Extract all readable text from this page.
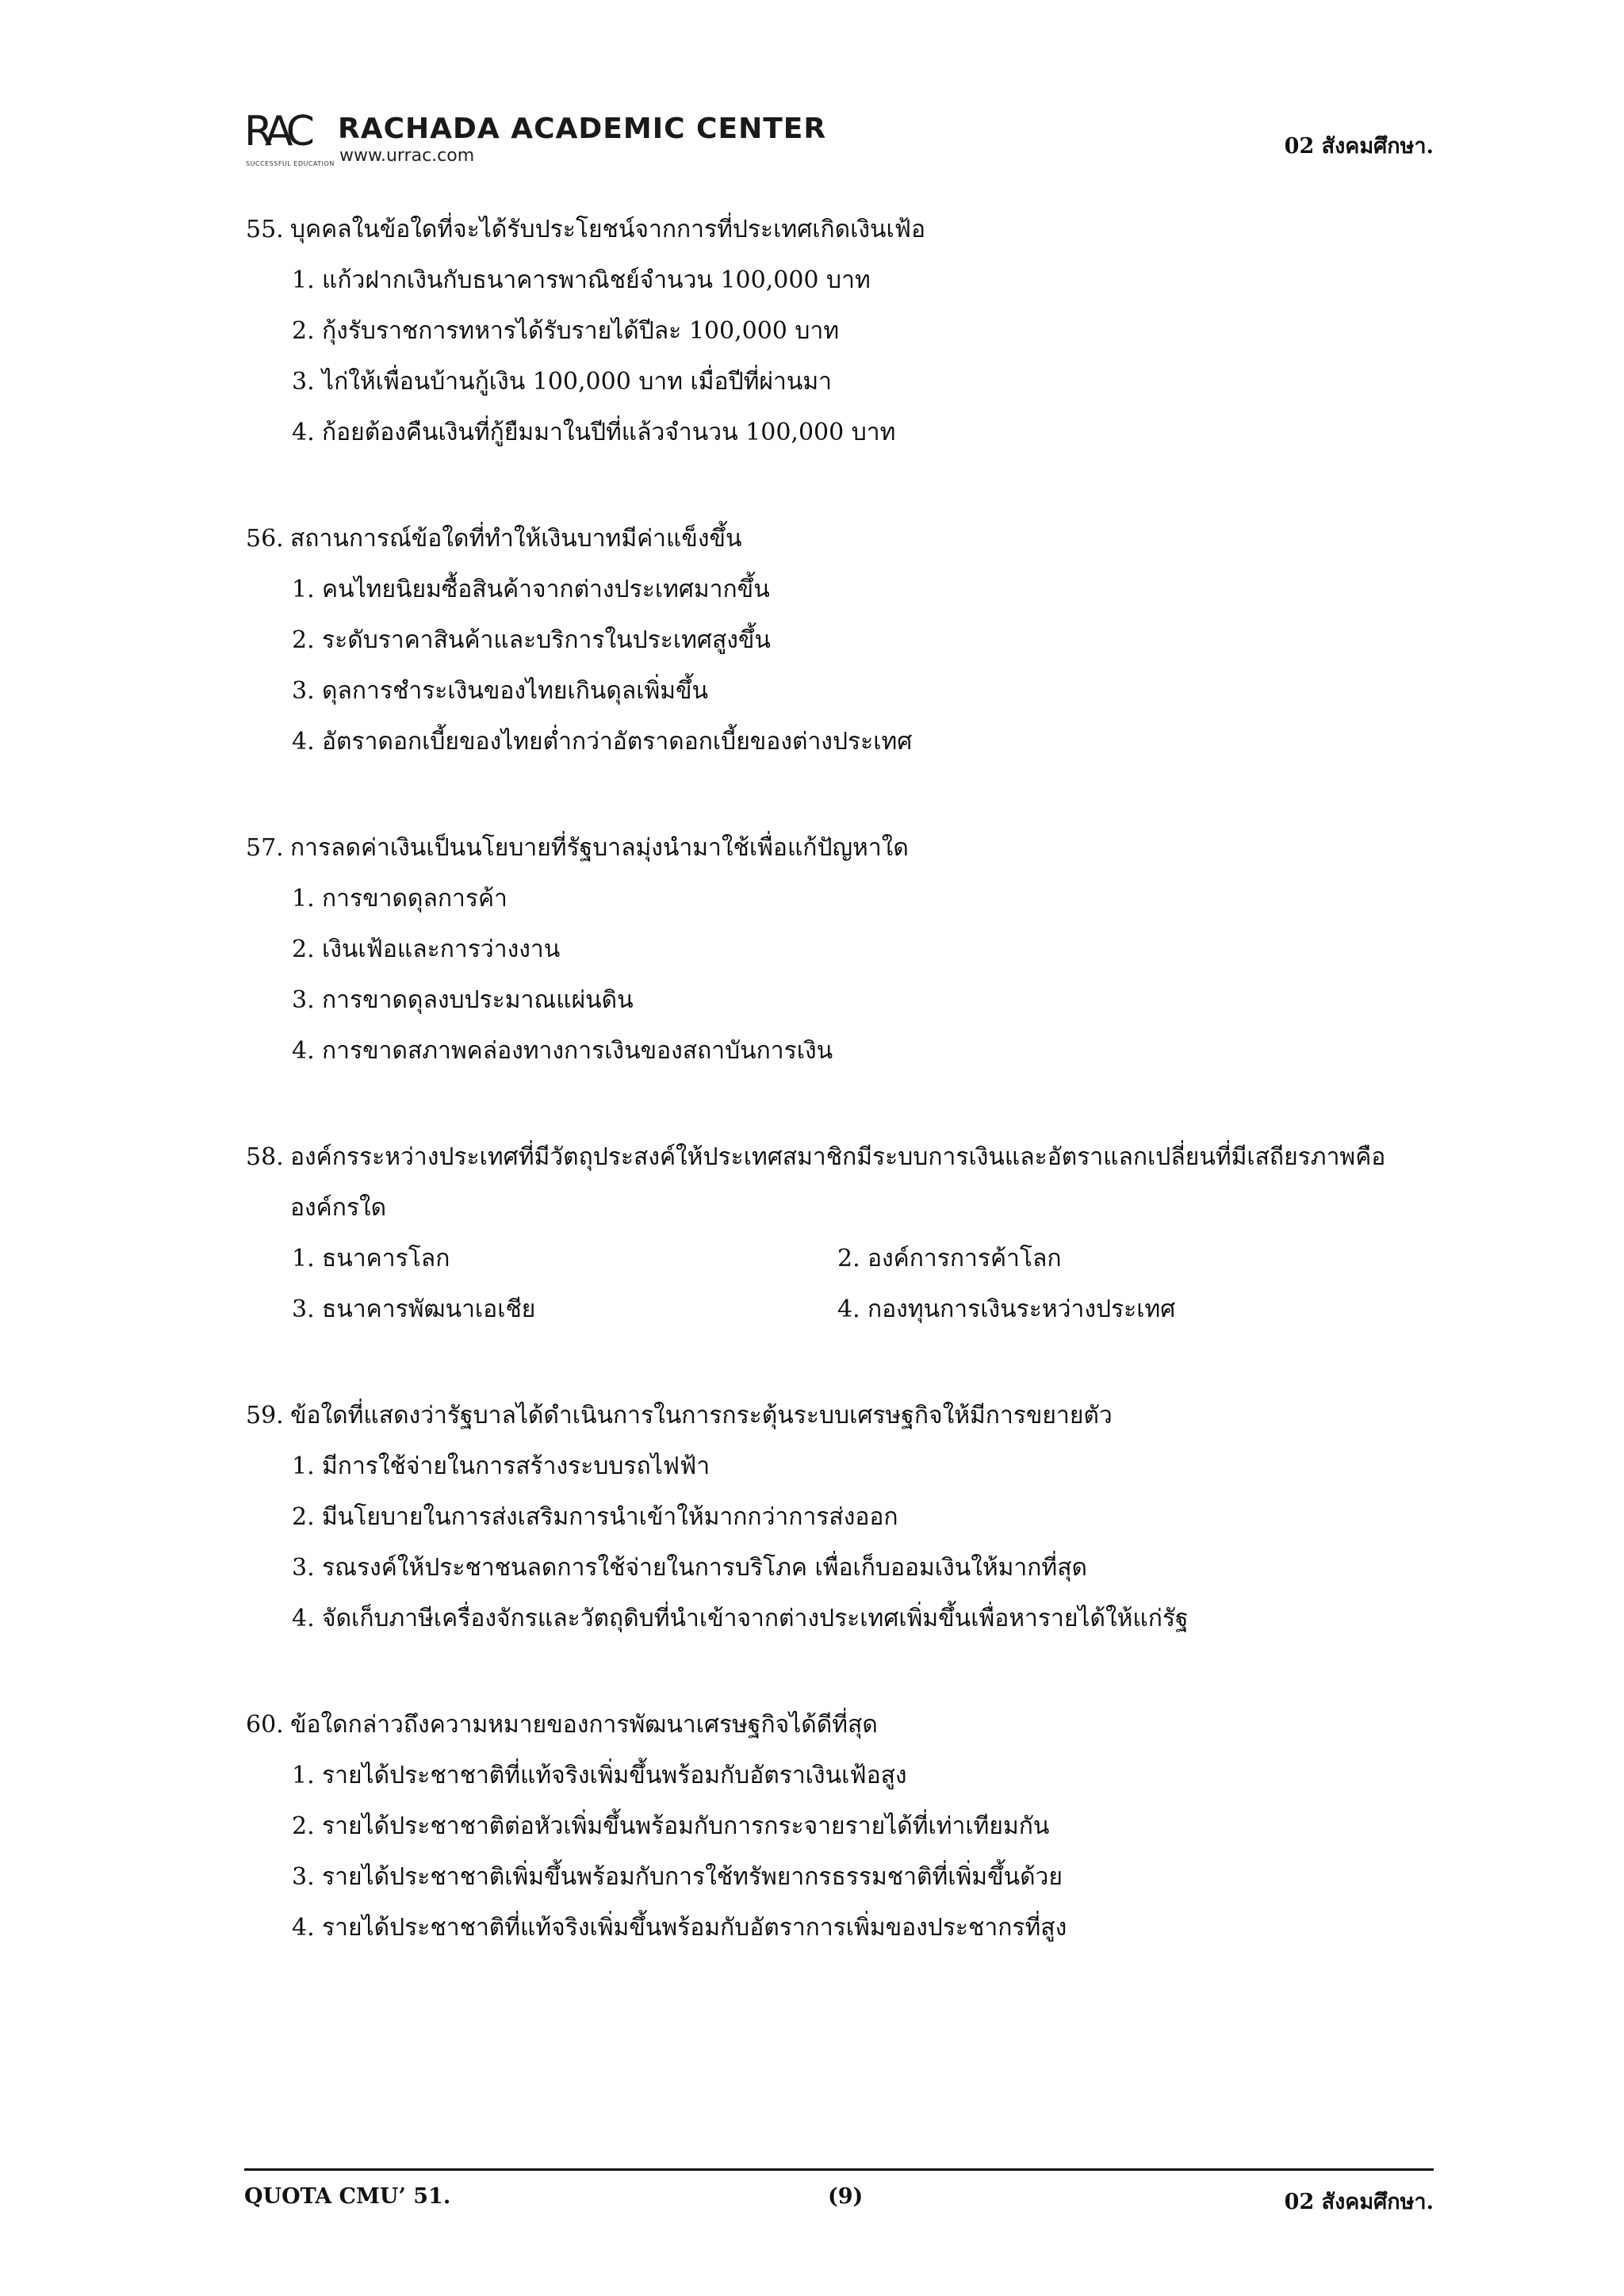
RAC
SUCCESSFUL EDUCATION
RACHADA ACADEMIC CENTER
www.urrac.com	02 สังคมศึกษา.
55. บุคคลในข้อใดที่จะได้รับประโยชน์จากการที่ประเทศเกิดเงินเฟ้อ
1. แก้วฝากเงินกับธนาคารพาณิชย์จำนวน 100,000 บาท
2. กุ้งรับราชการทหารได้รับรายได้ปีละ 100,000 บาท
3. ไก่ให้เพื่อนบ้านกู้เงิน 100,000 บาท เมื่อปีที่ผ่านมา
4. ก้อยต้องคืนเงินที่กู้ยืมมาในปีที่แล้วจำนวน 100,000 บาท
56. สถานการณ์ข้อใดที่ทำให้เงินบาทมีค่าแข็งขึ้น
1. คนไทยนิยมซื้อสินค้าจากต่างประเทศมากขึ้น
2. ระดับราคาสินค้าและบริการในประเทศสูงขึ้น
3. ดุลการชำระเงินของไทยเกินดุลเพิ่มขึ้น
4. อัตราดอกเบี้ยของไทยต่ำกว่าอัตราดอกเบี้ยของต่างประเทศ
57. การลดค่าเงินเป็นนโยบายที่รัฐบาลมุ่งนำมาใช้เพื่อแก้ปัญหาใด
1. การขาดดุลการค้า
2. เงินเฟ้อและการว่างงาน
3. การขาดดุลงบประมาณแผ่นดิน
4. การขาดสภาพคล่องทางการเงินของสถาบันการเงิน
58. องค์กรระหว่างประเทศที่มีวัตถุประสงค์ให้ประเทศสมาชิกมีระบบการเงินและอัตราแลกเปลี่ยนที่มีเสถียรภาพคือองค์กรใด
1. ธนาคารโลก	2. องค์การการค้าโลก
3. ธนาคารพัฒนาเอเชีย	4. กองทุนการเงินระหว่างประเทศ
59. ข้อใดที่แสดงว่ารัฐบาลได้ดำเนินการในการกระตุ้นระบบเศรษฐกิจให้มีการขยายตัว
1. มีการใช้จ่ายในการสร้างระบบรถไฟฟ้า
2. มีนโยบายในการส่งเสริมการนำเข้าให้มากกว่าการส่งออก
3. รณรงค์ให้ประชาชนลดการใช้จ่ายในการบริโภค เพื่อเก็บออมเงินให้มากที่สุด
4. จัดเก็บภาษีเครื่องจักรและวัตถุดิบที่นำเข้าจากต่างประเทศเพิ่มขึ้นเพื่อหารายได้ให้แก่รัฐ
60. ข้อใดกล่าวถึงความหมายของการพัฒนาเศรษฐกิจได้ดีที่สุด
1. รายได้ประชาชาติที่แท้จริงเพิ่มขึ้นพร้อมกับอัตราเงินเฟ้อสูง
2. รายได้ประชาชาติต่อหัวเพิ่มขึ้นพร้อมกับการกระจายรายได้ที่เท่าเทียมกัน
3. รายได้ประชาชาติเพิ่มขึ้นพร้อมกับการใช้ทรัพยากรธรรมชาติที่เพิ่มขึ้นด้วย
4. รายได้ประชาชาติที่แท้จริงเพิ่มขึ้นพร้อมกับอัตราการเพิ่มของประชากรที่สูง
QUOTA CMU’ 51.	(9)	02 สังคมศึกษา.
